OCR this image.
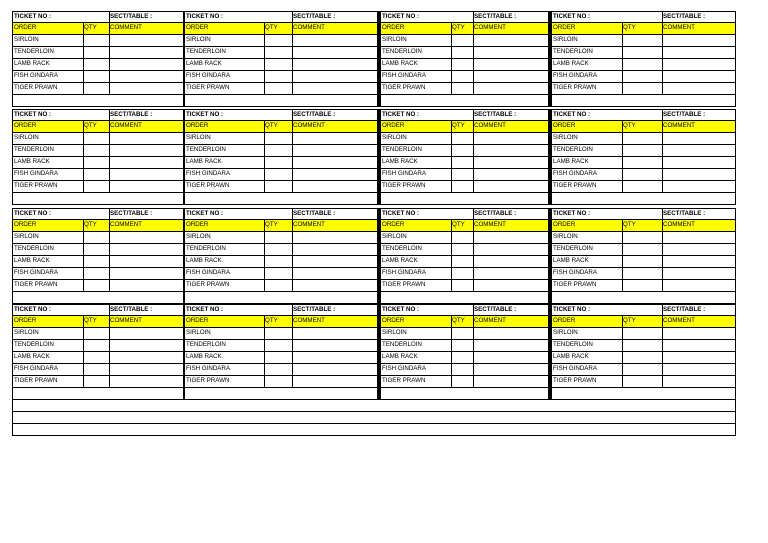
TICKET NO :	SECT/TABLE :
ORDER	QTY	COMMENT
SIRLOIN
TENDERLOIN
LAMB RACK
FISH GINDARA
TIGER PRAWN
TICKET NO :	SECT/TABLE :
ORDER	QTY	COMMENT
SIRLOIN
TENDERLOIN
LAMB RACK
FISH GINDARA
TIGER PRAWN
TICKET NO :	SECT/TABLE :
ORDER	QTY	COMMENT
SIRLOIN
TENDERLOIN
LAMB RACK
FISH GINDARA
TIGER PRAWN
TICKET NO :	SECT/TABLE :
ORDER	QTY	COMMENT
SIRLOIN
TENDERLOIN
LAMB RACK
FISH GINDARA
TIGER PRAWN
TICKET NO :	SECT/TABLE :
ORDER	QTY	COMMENT
SIRLOIN
TENDERLOIN
LAMB RACK
FISH GINDARA
TIGER PRAWN
TICKET NO :	SECT/TABLE :
ORDER	QTY	COMMENT
SIRLOIN
TENDERLOIN
LAMB RACK
FISH GINDARA
TIGER PRAWN
TICKET NO :	SECT/TABLE :
ORDER	QTY	COMMENT
SIRLOIN
TENDERLOIN
LAMB RACK
FISH GINDARA
TIGER PRAWN
TICKET NO :	SECT/TABLE :
ORDER	QTY	COMMENT
SIRLOIN
TENDERLOIN
LAMB RACK
FISH GINDARA
TIGER PRAWN
TICKET NO :	SECT/TABLE :
ORDER	QTY	COMMENT
SIRLOIN
TENDERLOIN
LAMB RACK
FISH GINDARA
TIGER PRAWN
TICKET NO :	SECT/TABLE :
ORDER	QTY	COMMENT
SIRLOIN
TENDERLOIN
LAMB RACK
FISH GINDARA
TIGER PRAWN
TICKET NO :	SECT/TABLE :
ORDER	QTY	COMMENT
SIRLOIN
TENDERLOIN
LAMB RACK
FISH GINDARA
TIGER PRAWN
TICKET NO :	SECT/TABLE :
ORDER	QTY	COMMENT
SIRLOIN
TENDERLOIN
LAMB RACK
FISH GINDARA
TIGER PRAWN
TICKET NO :	SECT/TABLE :
ORDER	QTY	COMMENT
SIRLOIN
TENDERLOIN
LAMB RACK
FISH GINDARA
TIGER PRAWN
TICKET NO :	SECT/TABLE :
ORDER	QTY	COMMENT
SIRLOIN
TENDERLOIN
LAMB RACK
FISH GINDARA
TIGER PRAWN
TICKET NO :	SECT/TABLE :
ORDER	QTY	COMMENT
SIRLOIN
TENDERLOIN
LAMB RACK
FISH GINDARA
TIGER PRAWN
TICKET NO :	SECT/TABLE :
ORDER	QTY	COMMENT
SIRLOIN
TENDERLOIN
LAMB RACK
FISH GINDARA
TIGER PRAWN
